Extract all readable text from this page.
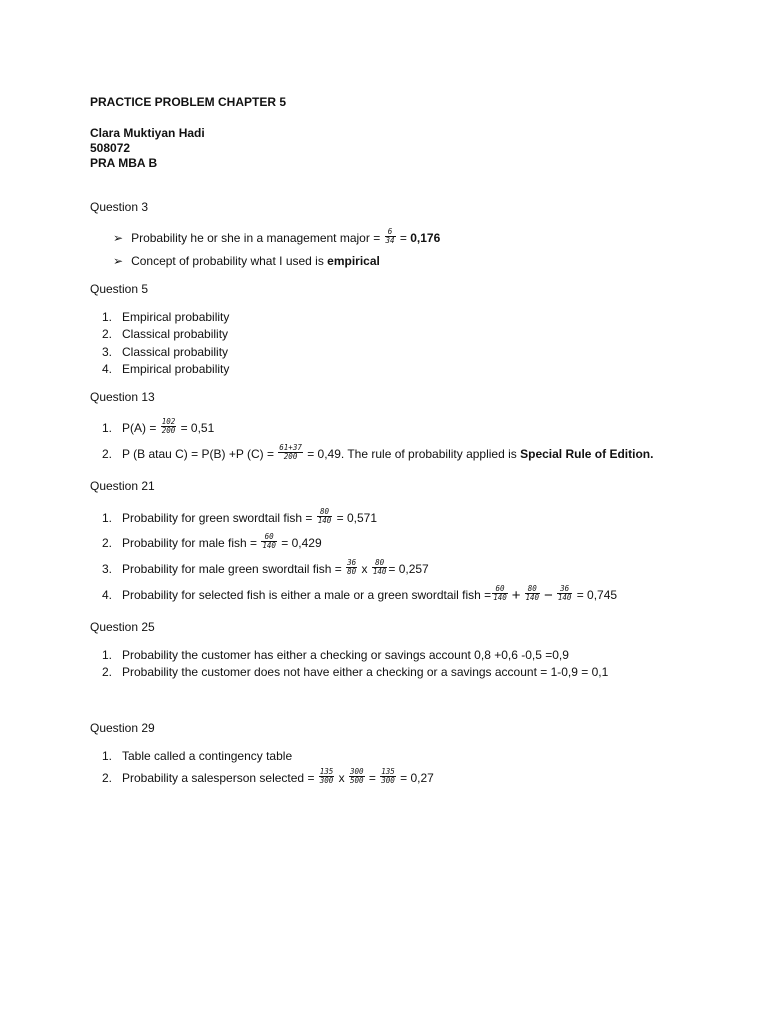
PRACTICE PROBLEM CHAPTER 5
Clara Muktiyan Hadi
508072
PRA MBA B
Question 3
➢ Probability he or she in a management major = $\frac{6}{34} = 0,176$
➢ Concept of probability what I used is empirical
Question 5
1. Empirical probability
2. Classical probability
3. Classical probability
4. Empirical probability
Question 13
1. $P(A) = \frac{102}{200} = 0,51$
2. P (B atau C) = P(B) +P $(C) = \frac{61+37}{200} = 0,49$. The rule of probability applied is Special Rule of Edition.
Question 21
1. Probability for green swordtail fish = $\frac{80}{140} = 0,571$
2. Probability for male fish = $\frac{60}{140} = 0,429$
3. Probability for male green swordtail fish = $\frac{36}{80}$ x $\frac{80}{140} = 0,257$
4. Probability for selected fish is either a male or a green swordtail fish = $\frac{60}{140} + \frac{80}{140} - \frac{36}{140} = 0,745$
Question 25
1. Probability the customer has either a checking or savings account 0,8 +0,6 -0,5 =0,9
2. Probability the customer does not have either a checking or a savings account = 1-0,9 = 0,1
Question 29
1. Table called a contingency table
2. Probability a salesperson selected = $\frac{135}{300}$ x $\frac{300}{500} = \frac{135}{300} = 0,27$
